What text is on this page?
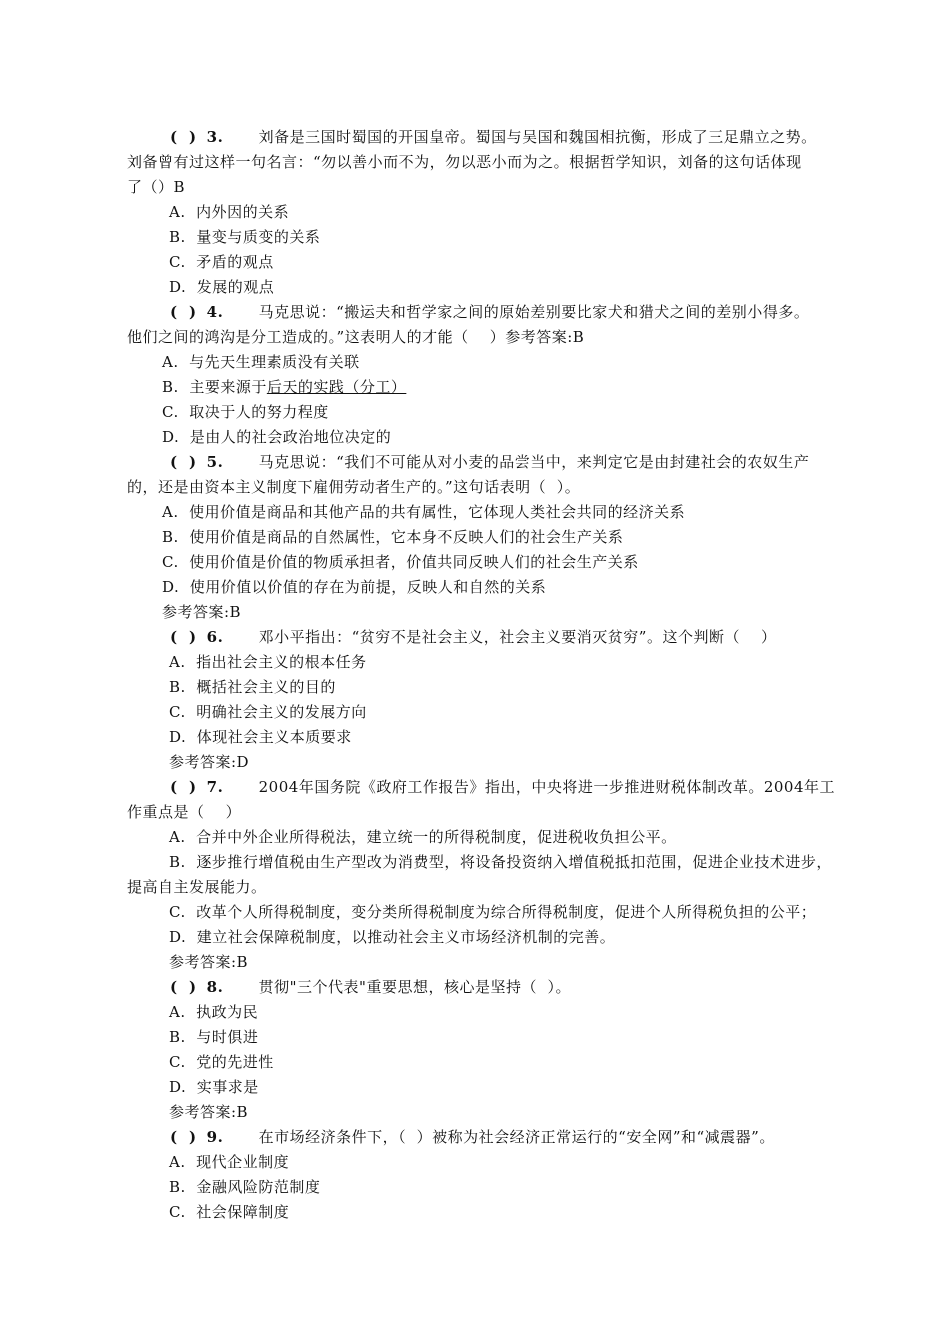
(  ) 3. 刘备是三国时蜀国的开国皇帝。蜀国与吴国和魏国相抗衡，形成了三足鼎立之势。
刘备曾有过这样一句名言：“勿以善小而不为，勿以恶小而为之。根据哲学知识，刘备的这句话体现
了（）B
A.  内外因的关系
B.  量变与质变的关系
C.  矛盾的观点
D.  发展的观点
(  ) 4. 马克思说：“搬运夫和哲学家之间的原始差别要比家犬和猎犬之间的差别小得多。
他们之间的鸿沟是分工造成的。”这表明人的才能（    ）参考答案:B
A.  与先天生理素质没有关联
B.  主要来源于后天的实践（分工）
C.  取决于人的努力程度
D.  是由人的社会政治地位决定的
(  ) 5. 马克思说：“我们不可能从对小麦的品尝当中，来判定它是由封建社会的农奴生产
的，还是由资本主义制度下雇佣劳动者生产的。”这句话表明（  ）。
A.  使用价值是商品和其他产品的共有属性，它体现人类社会共同的经济关系
B.  使用价值是商品的自然属性，它本身不反映人们的社会生产关系
C.  使用价值是价值的物质承担者，价值共同反映人们的社会生产关系
D.  使用价值以价值的存在为前提，反映人和自然的关系
参考答案:B
(  ) 6. 邓小平指出：“贫穷不是社会主义，社会主义要消灭贫穷”。这个判断（    ）
A.  指出社会主义的根本任务
B.  概括社会主义的目的
C.  明确社会主义的发展方向
D.  体现社会主义本质要求
参考答案:D
(  ) 7. 2004年国务院《政府工作报告》指出，中央将进一步推进财税体制改革。2004年工
作重点是（    ）
A.  合并中外企业所得税法，建立统一的所得税制度，促进税收负担公平。
B.  逐步推行增值税由生产型改为消费型，将设备投资纳入增值税抵扣范围，促进企业技术进步，
提高自主发展能力。
C.  改革个人所得税制度，变分类所得税制度为综合所得税制度，促进个人所得税负担的公平；
D.  建立社会保障税制度，以推动社会主义市场经济机制的完善。
参考答案:B
(  ) 8. 贯彻"三个代表"重要思想，核心是坚持（  ）。
A.  执政为民
B.  与时俱进
C.  党的先进性
D.  实事求是
参考答案:B
(  ) 9. 在市场经济条件下，（  ）被称为社会经济正常运行的“安全网”和“减震器”。
A.  现代企业制度
B.  金融风险防范制度
C.  社会保障制度
